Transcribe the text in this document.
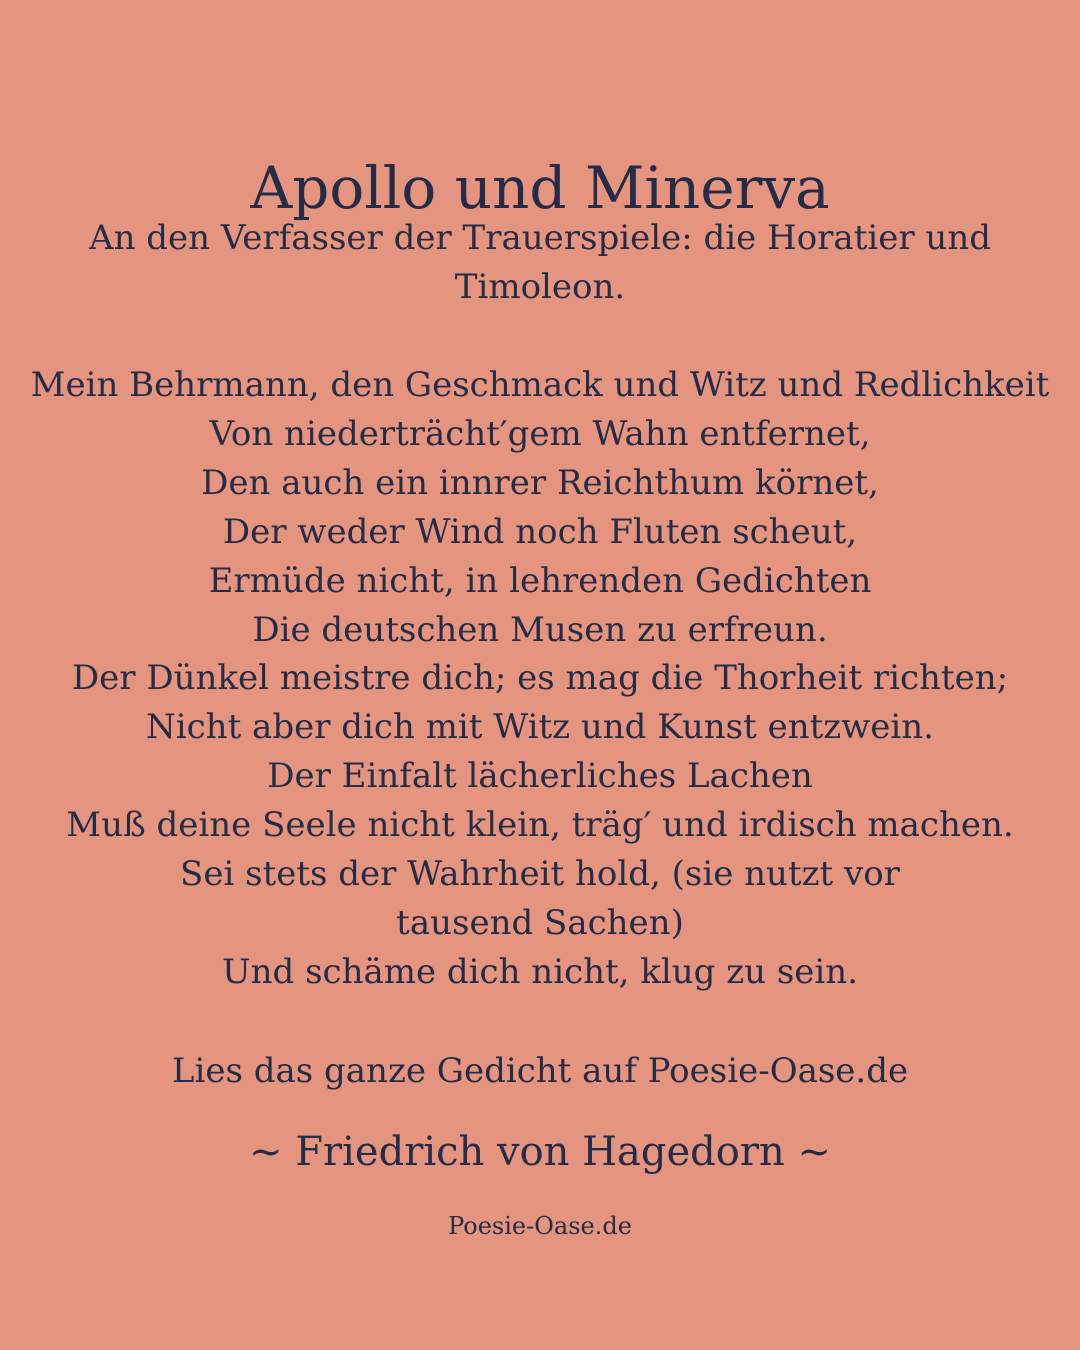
Apollo und Minerva
An den Verfasser der Trauerspiele: die Horatier und Timoleon.
Mein Behrmann, den Geschmack und Witz und Redlichkeit
Von niederträcht′gem Wahn entfernet,
Den auch ein innrer Reichthum körnet,
Der weder Wind noch Fluten scheut,
Ermüde nicht, in lehrenden Gedichten
Die deutschen Musen zu erfreun.
Der Dünkel meistre dich; es mag die Thorheit richten;
Nicht aber dich mit Witz und Kunst entzwein.
Der Einfalt lächerliches Lachen
Muß deine Seele nicht klein, träg′ und irdisch machen.
Sei stets der Wahrheit hold, (sie nutzt vor tausend Sachen)
Und schäme dich nicht, klug zu sein.
Lies das ganze Gedicht auf Poesie-Oase.de
~ Friedrich von Hagedorn ~
Poesie-Oase.de
